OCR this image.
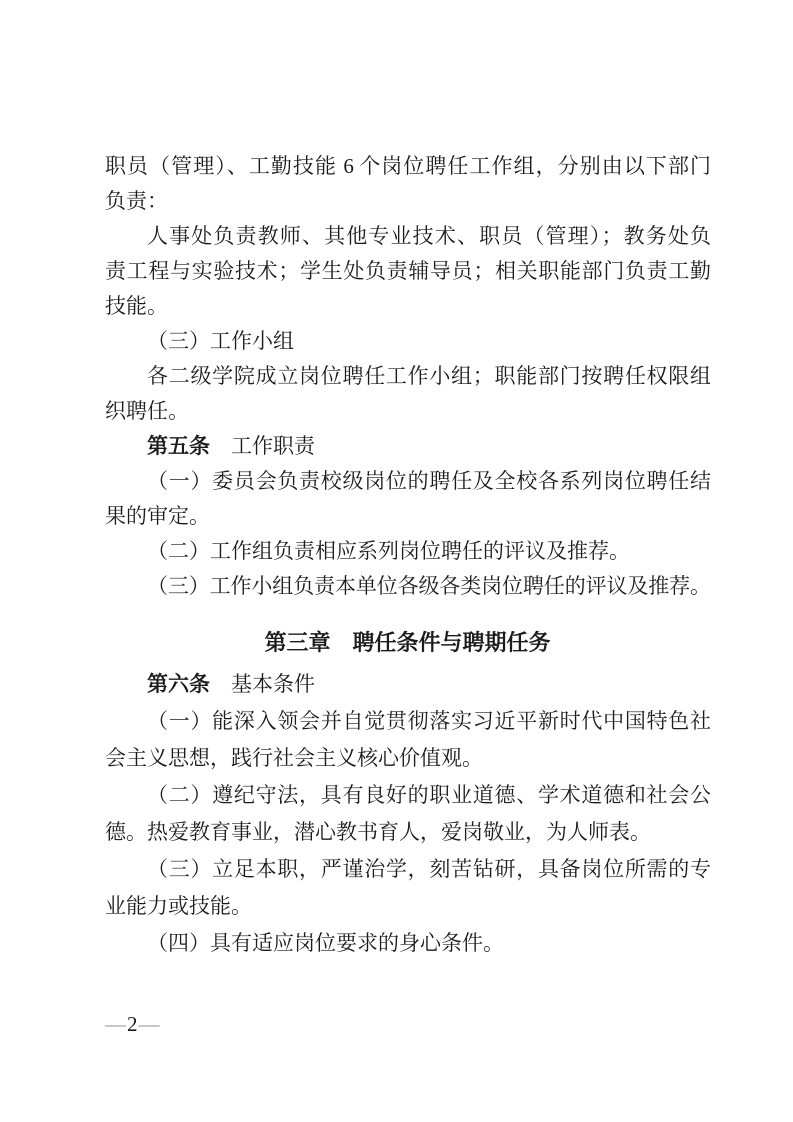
职员（管理）、工勤技能 6 个岗位聘任工作组，分别由以下部门
负责：
人事处负责教师、其他专业技术、职员（管理）；教务处负
责工程与实验技术；学生处负责辅导员；相关职能部门负责工勤
技能。
（三）工作小组
各二级学院成立岗位聘任工作小组；职能部门按聘任权限组
织聘任。
第五条 工作职责
（一）委员会负责校级岗位的聘任及全校各系列岗位聘任结
果的审定。
（二）工作组负责相应系列岗位聘任的评议及推荐。
（三）工作小组负责本单位各级各类岗位聘任的评议及推荐。
第三章 聘任条件与聘期任务
第六条 基本条件
（一）能深入领会并自觉贯彻落实习近平新时代中国特色社
会主义思想，践行社会主义核心价值观。
（二）遵纪守法，具有良好的职业道德、学术道德和社会公
德。热爱教育事业，潜心教书育人，爱岗敬业，为人师表。
（三）立足本职，严谨治学，刻苦钻研，具备岗位所需的专
业能力或技能。
（四）具有适应岗位要求的身心条件。
—2—
